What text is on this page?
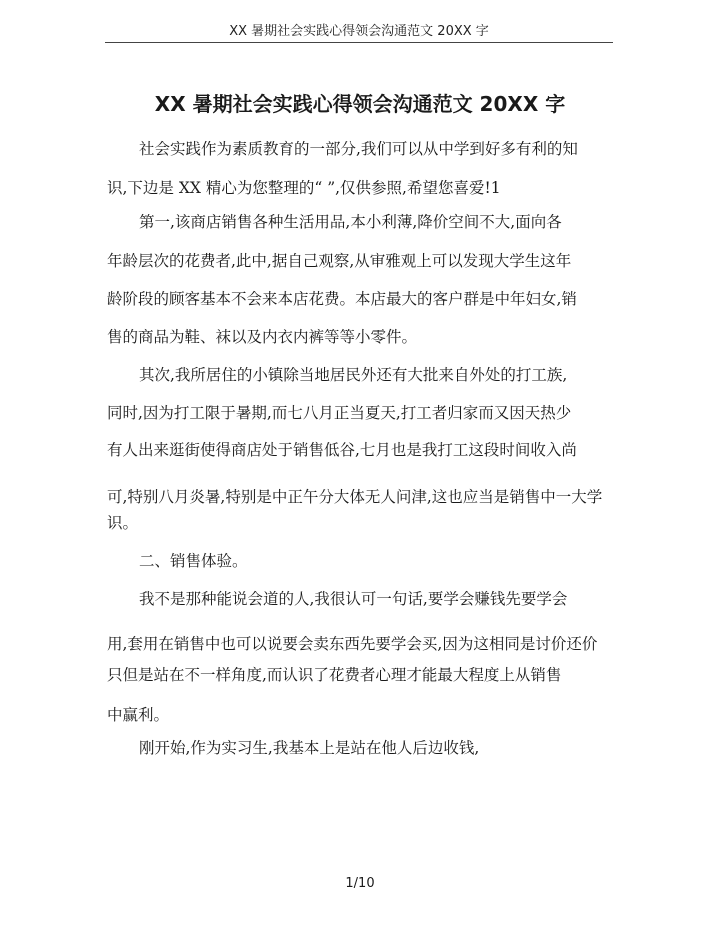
XX 暑期社会实践心得领会沟通范文 20XX 字
XX 暑期社会实践心得领会沟通范文 20XX 字
社会实践作为素质教育的一部分,我们可以从中学到好多有利的知
识,下边是 XX 精心为您整理的“ ”,仅供参照,希望您喜爱!1
第一,该商店销售各种生活用品,本小利薄,降价空间不大,面向各
年龄层次的花费者,此中,据自己观察,从审雅观上可以发现大学生这年
龄阶段的顾客基本不会来本店花费。本店最大的客户群是中年妇女,销
售的商品为鞋、袜以及内衣内裤等等小零件。
其次,我所居住的小镇除当地居民外还有大批来自外处的打工族,
同时,因为打工限于暑期,而七八月正当夏天,打工者归家而又因天热少
有人出来逛街使得商店处于销售低谷,七月也是我打工这段时间收入尚
可,特别八月炎暑,特别是中正午分大体无人问津,这也应当是销售中一大学
识。
二、销售体验。
我不是那种能说会道的人,我很认可一句话,要学会赚钱先要学会
用,套用在销售中也可以说要会卖东西先要学会买,因为这相同是讨价还价
只但是站在不一样角度,而认识了花费者心理才能最大程度上从销售
中赢利。
刚开始,作为实习生,我基本上是站在他人后边收钱,
1/10
